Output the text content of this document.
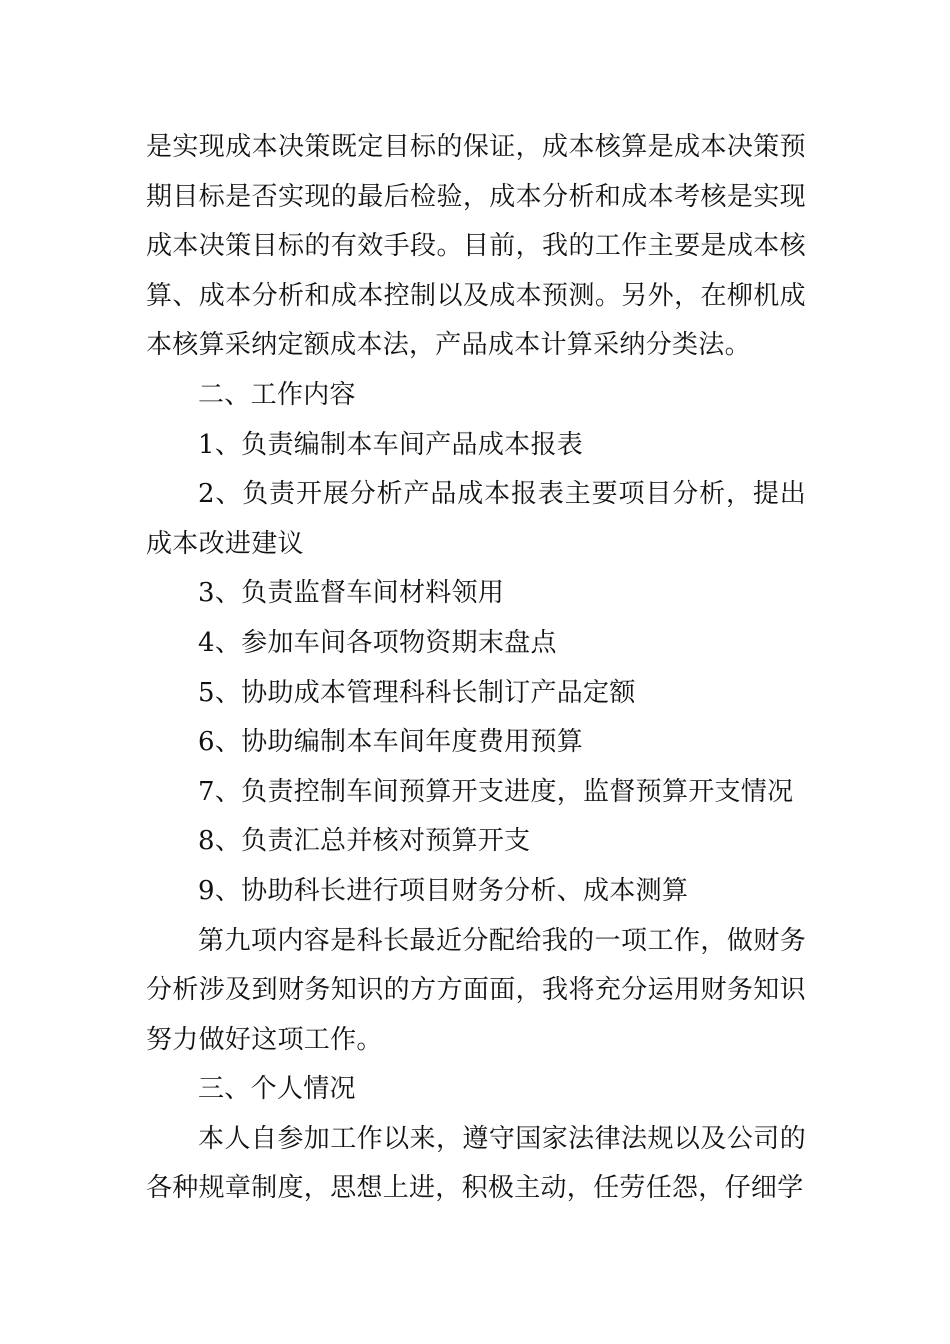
是实现成本决策既定目标的保证，成本核算是成本决策预期目标是否实现的最后检验，成本分析和成本考核是实现成本决策目标的有效手段。目前，我的工作主要是成本核算、成本分析和成本控制以及成本预测。另外，在柳机成本核算采纳定额成本法，产品成本计算采纳分类法。

二、工作内容

1、负责编制本车间产品成本报表

2、负责开展分析产品成本报表主要项目分析，提出成本改进建议

3、负责监督车间材料领用

4、参加车间各项物资期末盘点

5、协助成本管理科科长制订产品定额

6、协助编制本车间年度费用预算

7、负责控制车间预算开支进度，监督预算开支情况

8、负责汇总并核对预算开支

9、协助科长进行项目财务分析、成本测算

第九项内容是科长最近分配给我的一项工作，做财务分析涉及到财务知识的方方面面，我将充分运用财务知识努力做好这项工作。

三、个人情况

本人自参加工作以来，遵守国家法律法规以及公司的各种规章制度，思想上进，积极主动，任劳任怨，仔细学
